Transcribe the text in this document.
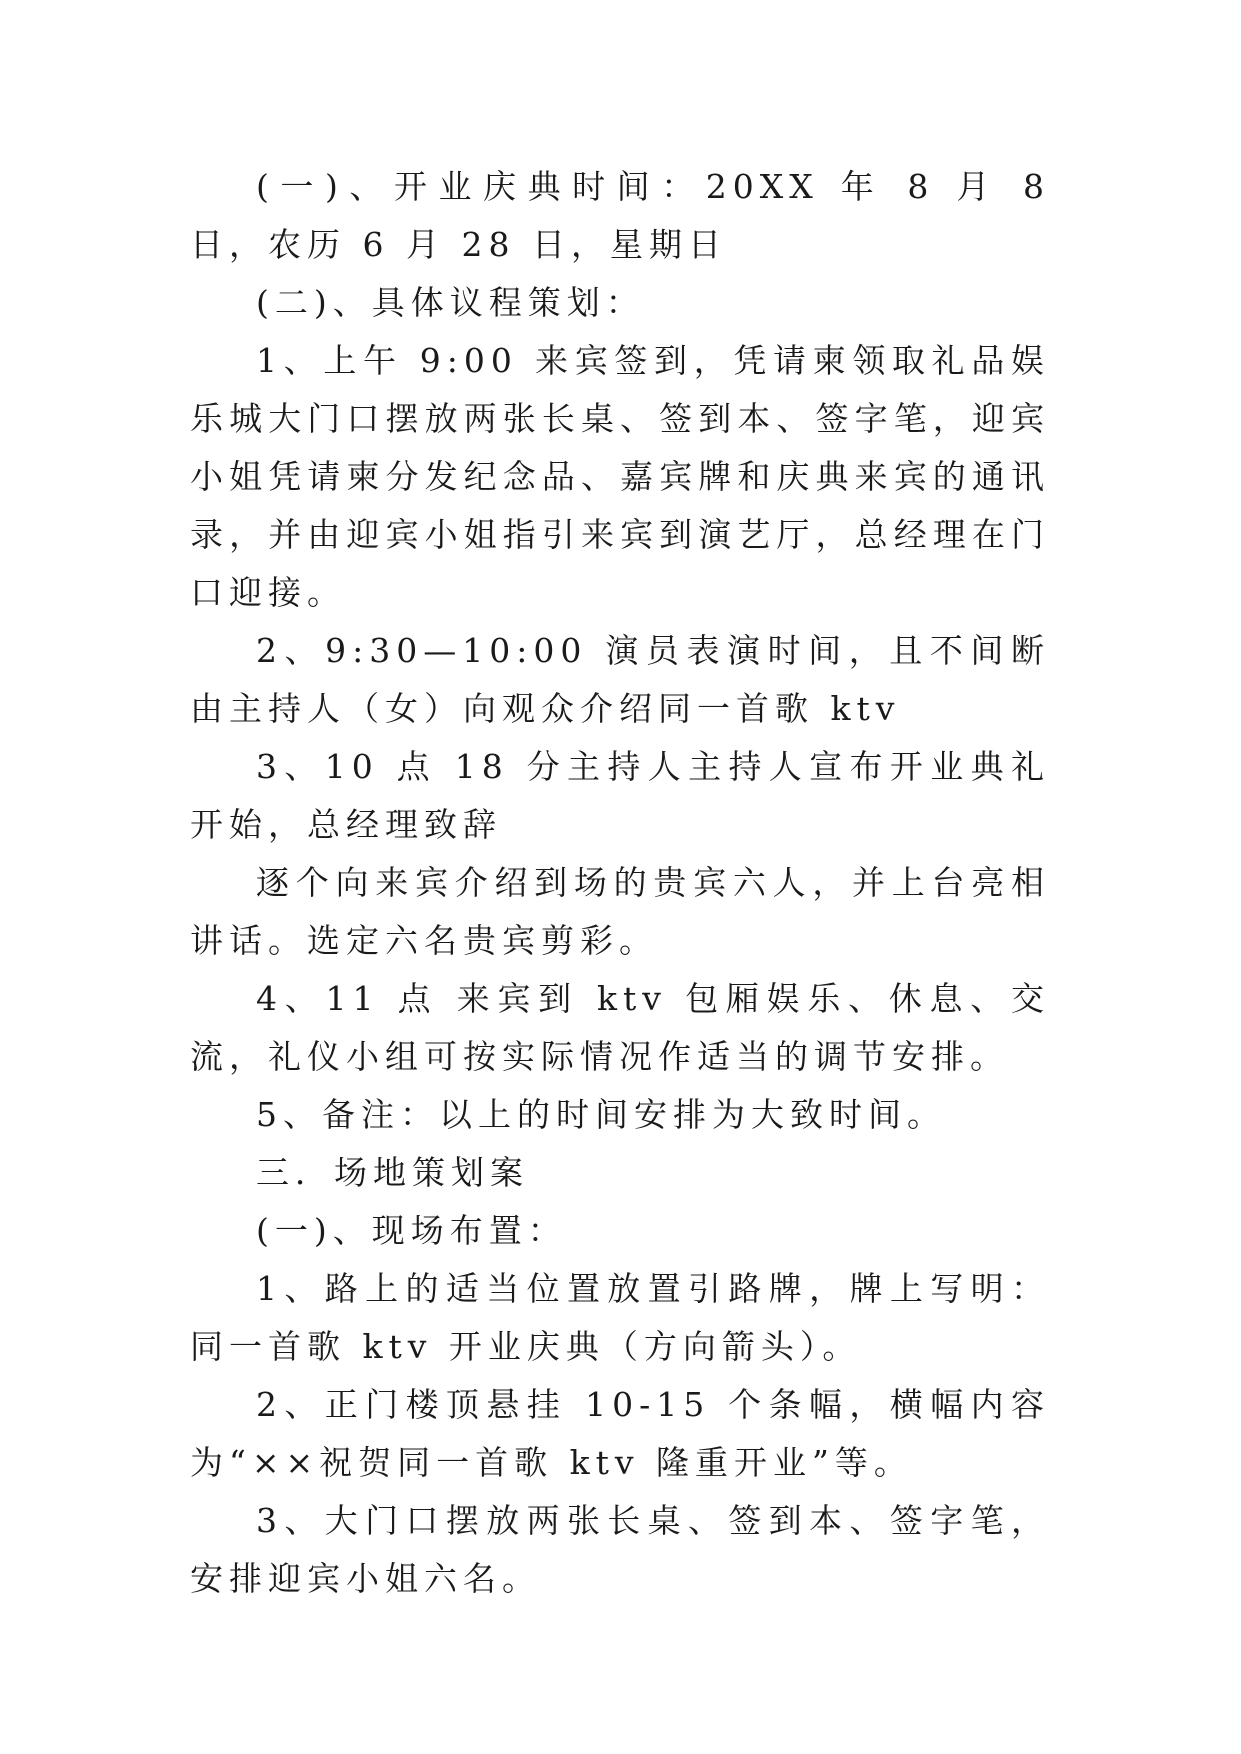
(一)、开业庆典时间：20XX 年 8 月 8 日，农历 6 月 28 日，星期日

(二)、具体议程策划：

1、上午 9:00 来宾签到，凭请柬领取礼品娱乐城大门口摆放两张长桌、签到本、签字笔，迎宾小姐凭请柬分发纪念品、嘉宾牌和庆典来宾的通讯录，并由迎宾小姐指引来宾到演艺厅，总经理在门口迎接。

2、9:30—10:00 演员表演时间，且不间断由主持人（女）向观众介绍同一首歌 ktv

3、10 点 18 分主持人主持人宣布开业典礼开始，总经理致辞

逐个向来宾介绍到场的贵宾六人，并上台亮相讲话。选定六名贵宾剪彩。

4、11 点 来宾到 ktv 包厢娱乐、休息、交流，礼仪小组可按实际情况作适当的调节安排。

5、备注：以上的时间安排为大致时间。

三．场地策划案

(一)、现场布置：

1、路上的适当位置放置引路牌，牌上写明：同一首歌 ktv 开业庆典（方向箭头）。

2、正门楼顶悬挂 10-15 个条幅，横幅内容为“××祝贺同一首歌 ktv 隆重开业”等。

3、大门口摆放两张长桌、签到本、签字笔，安排迎宾小姐六名。
